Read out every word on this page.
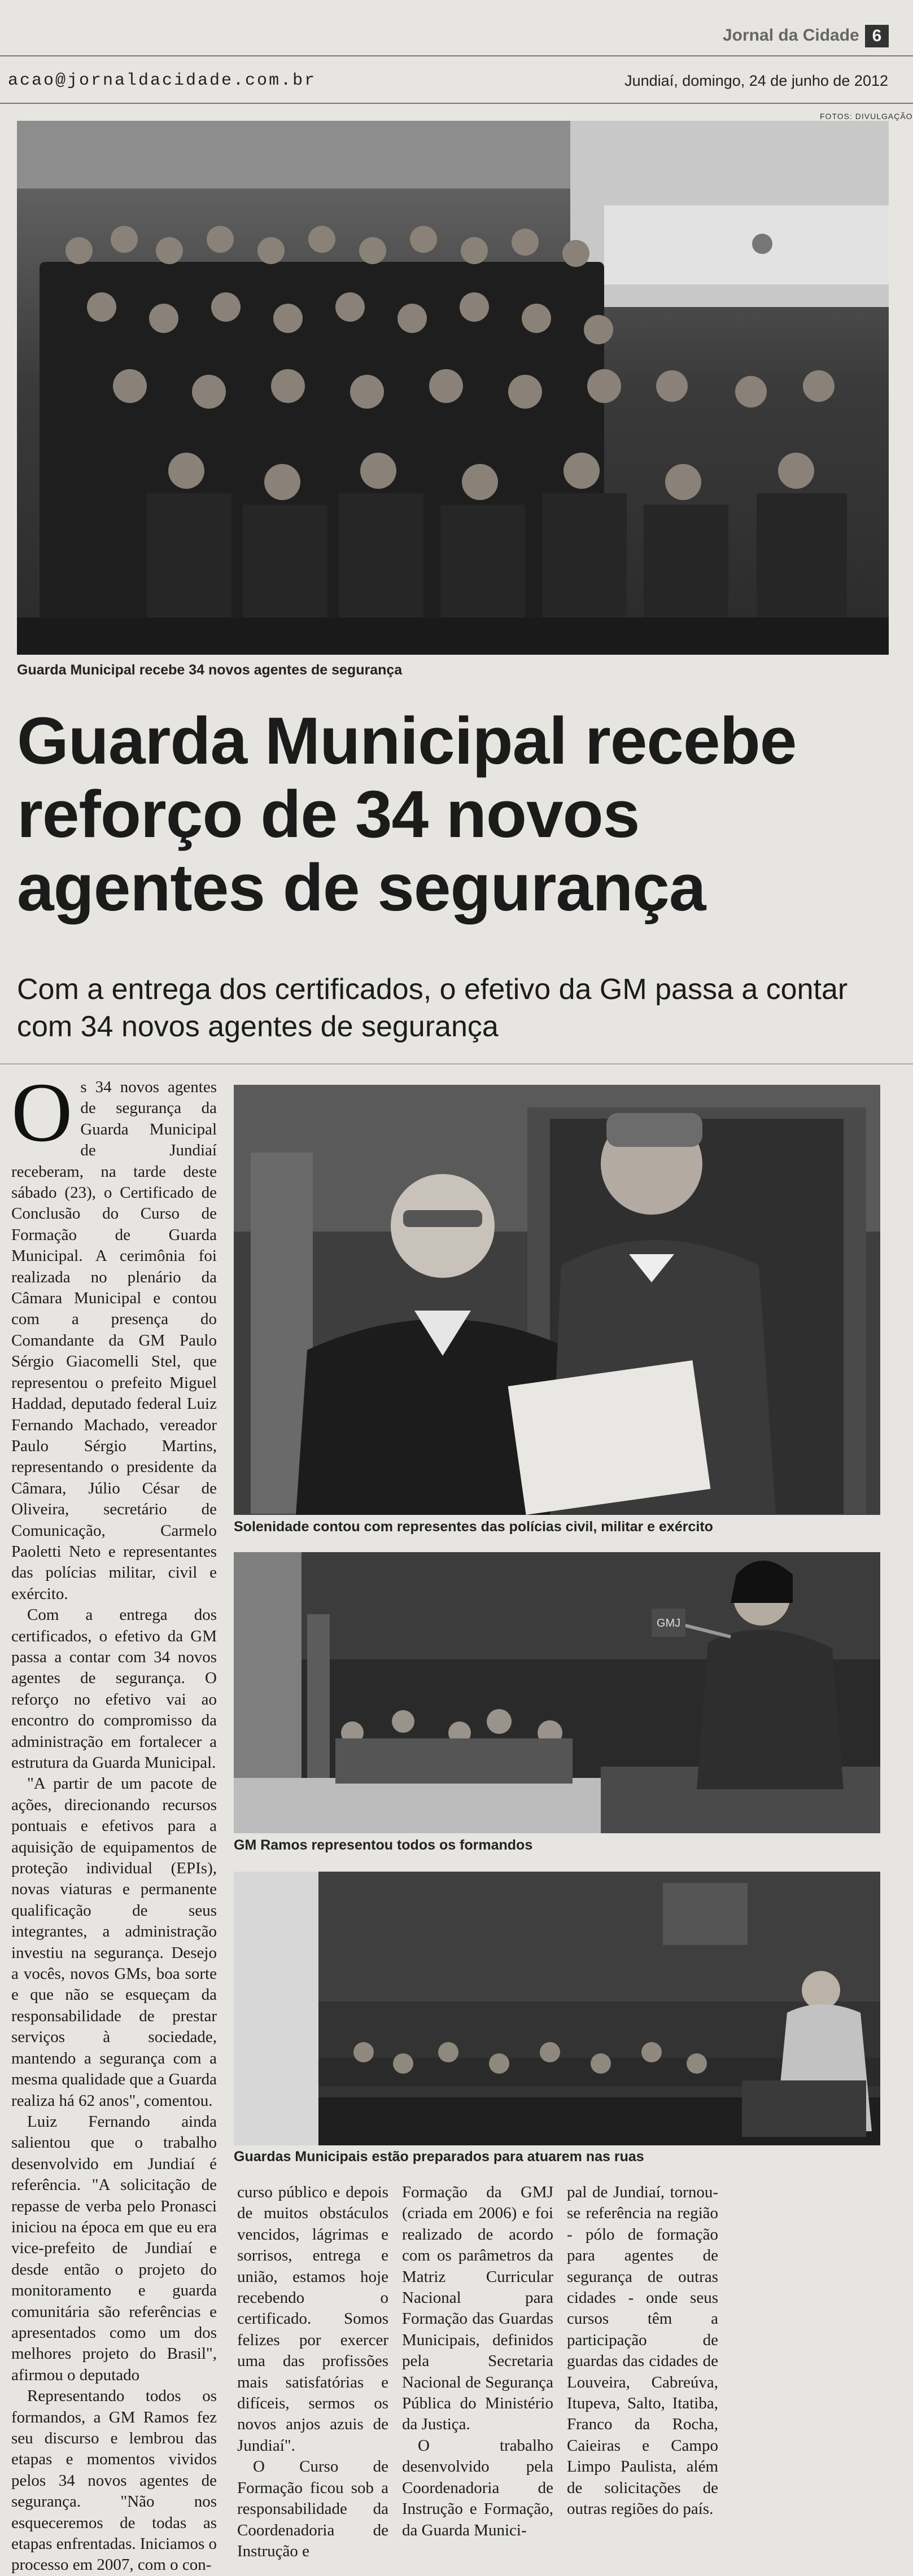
Jornal da Cidade 6
acao@jornaldacidade.com.br	Jundiaí, domingo, 24 de junho de 2012
FOTOS: DIVULGAÇÃO
Guarda Municipal recebe 34 novos agentes de segurança
Guarda Municipal recebe reforço de 34 novos agentes de segurança
Com a entrega dos certificados, o efetivo da GM passa a contar com 34 novos agentes de segurança

Os 34 novos agentes de segurança da Guarda Municipal de Jundiaí receberam, na tarde deste sábado (23), o Certificado de Conclusão do Curso de Formação de Guarda Municipal. A cerimônia foi realizada no plenário da Câmara Municipal e contou com a presença do Comandante da GM Paulo Sérgio Giacomelli Stel, que representou o prefeito Miguel Haddad, deputado federal Luiz Fernando Machado, vereador Paulo Sérgio Martins, representando o presidente da Câmara, Júlio César de Oliveira, secretário de Comunicação, Carmelo Paoletti Neto e representantes das polícias militar, civil e exército.

Com a entrega dos certificados, o efetivo da GM passa a contar com 34 novos agentes de segurança. O reforço no efetivo vai ao encontro do compromisso da administração em fortalecer a estrutura da Guarda Municipal.

"A partir de um pacote de ações, direcionando recursos pontuais e efetivos para a aquisição de equipamentos de proteção individual (EPIs), novas viaturas e permanente qualificação de seus integrantes, a administração investiu na segurança. Desejo a vocês, novos GMs, boa sorte e que não se esqueçam da responsabilidade de prestar serviços à sociedade, mantendo a segurança com a mesma qualidade que a Guarda realiza há 62 anos", comentou.

Luiz Fernando ainda salientou que o trabalho desenvolvido em Jundiaí é referência. "A solicitação de repasse de verba pelo Pronasci iniciou na época em que eu era vice-prefeito de Jundiaí e desde então o projeto do monitoramento e guarda comunitária são referências e apresentados como um dos melhores projeto do Brasil", afirmou o deputado

Representando todos os formandos, a GM Ramos fez seu discurso e lembrou das etapas e momentos vividos pelos 34 novos agentes de segurança. "Não nos esqueceremos de todas as etapas enfrentadas. Iniciamos o processo em 2007, com o con-

Solenidade contou com representes das polícias civil, militar e exército
GMJ
GM Ramos representou todos os formandos
Guardas Municipais estão preparados para atuarem nas ruas

curso público e depois de muitos obstáculos vencidos, lágrimas e sorrisos, entrega e união, estamos hoje recebendo o certificado. Somos felizes por exercer uma das profissões mais satisfatórias e difíceis, sermos os novos anjos azuis de Jundiaí".

O Curso de Formação ficou sob a responsabilidade da Coordenadoria de Instrução e

Formação da GMJ (criada em 2006) e foi realizado de acordo com os parâmetros da Matriz Curricular Nacional para Formação das Guardas Municipais, definidos pela Secretaria Nacional de Segurança Pública do Ministério da Justiça.

O trabalho desenvolvido pela Coordenadoria de Instrução e Formação, da Guarda Munici-

pal de Jundiaí, tornou-se referência na região - pólo de formação para agentes de segurança de outras cidades - onde seus cursos têm a participação de guardas das cidades de Louveira, Cabreúva, Itupeva, Salto, Itatiba, Franco da Rocha, Caieiras e Campo Limpo Paulista, além de solicitações de outras regiões do país.
